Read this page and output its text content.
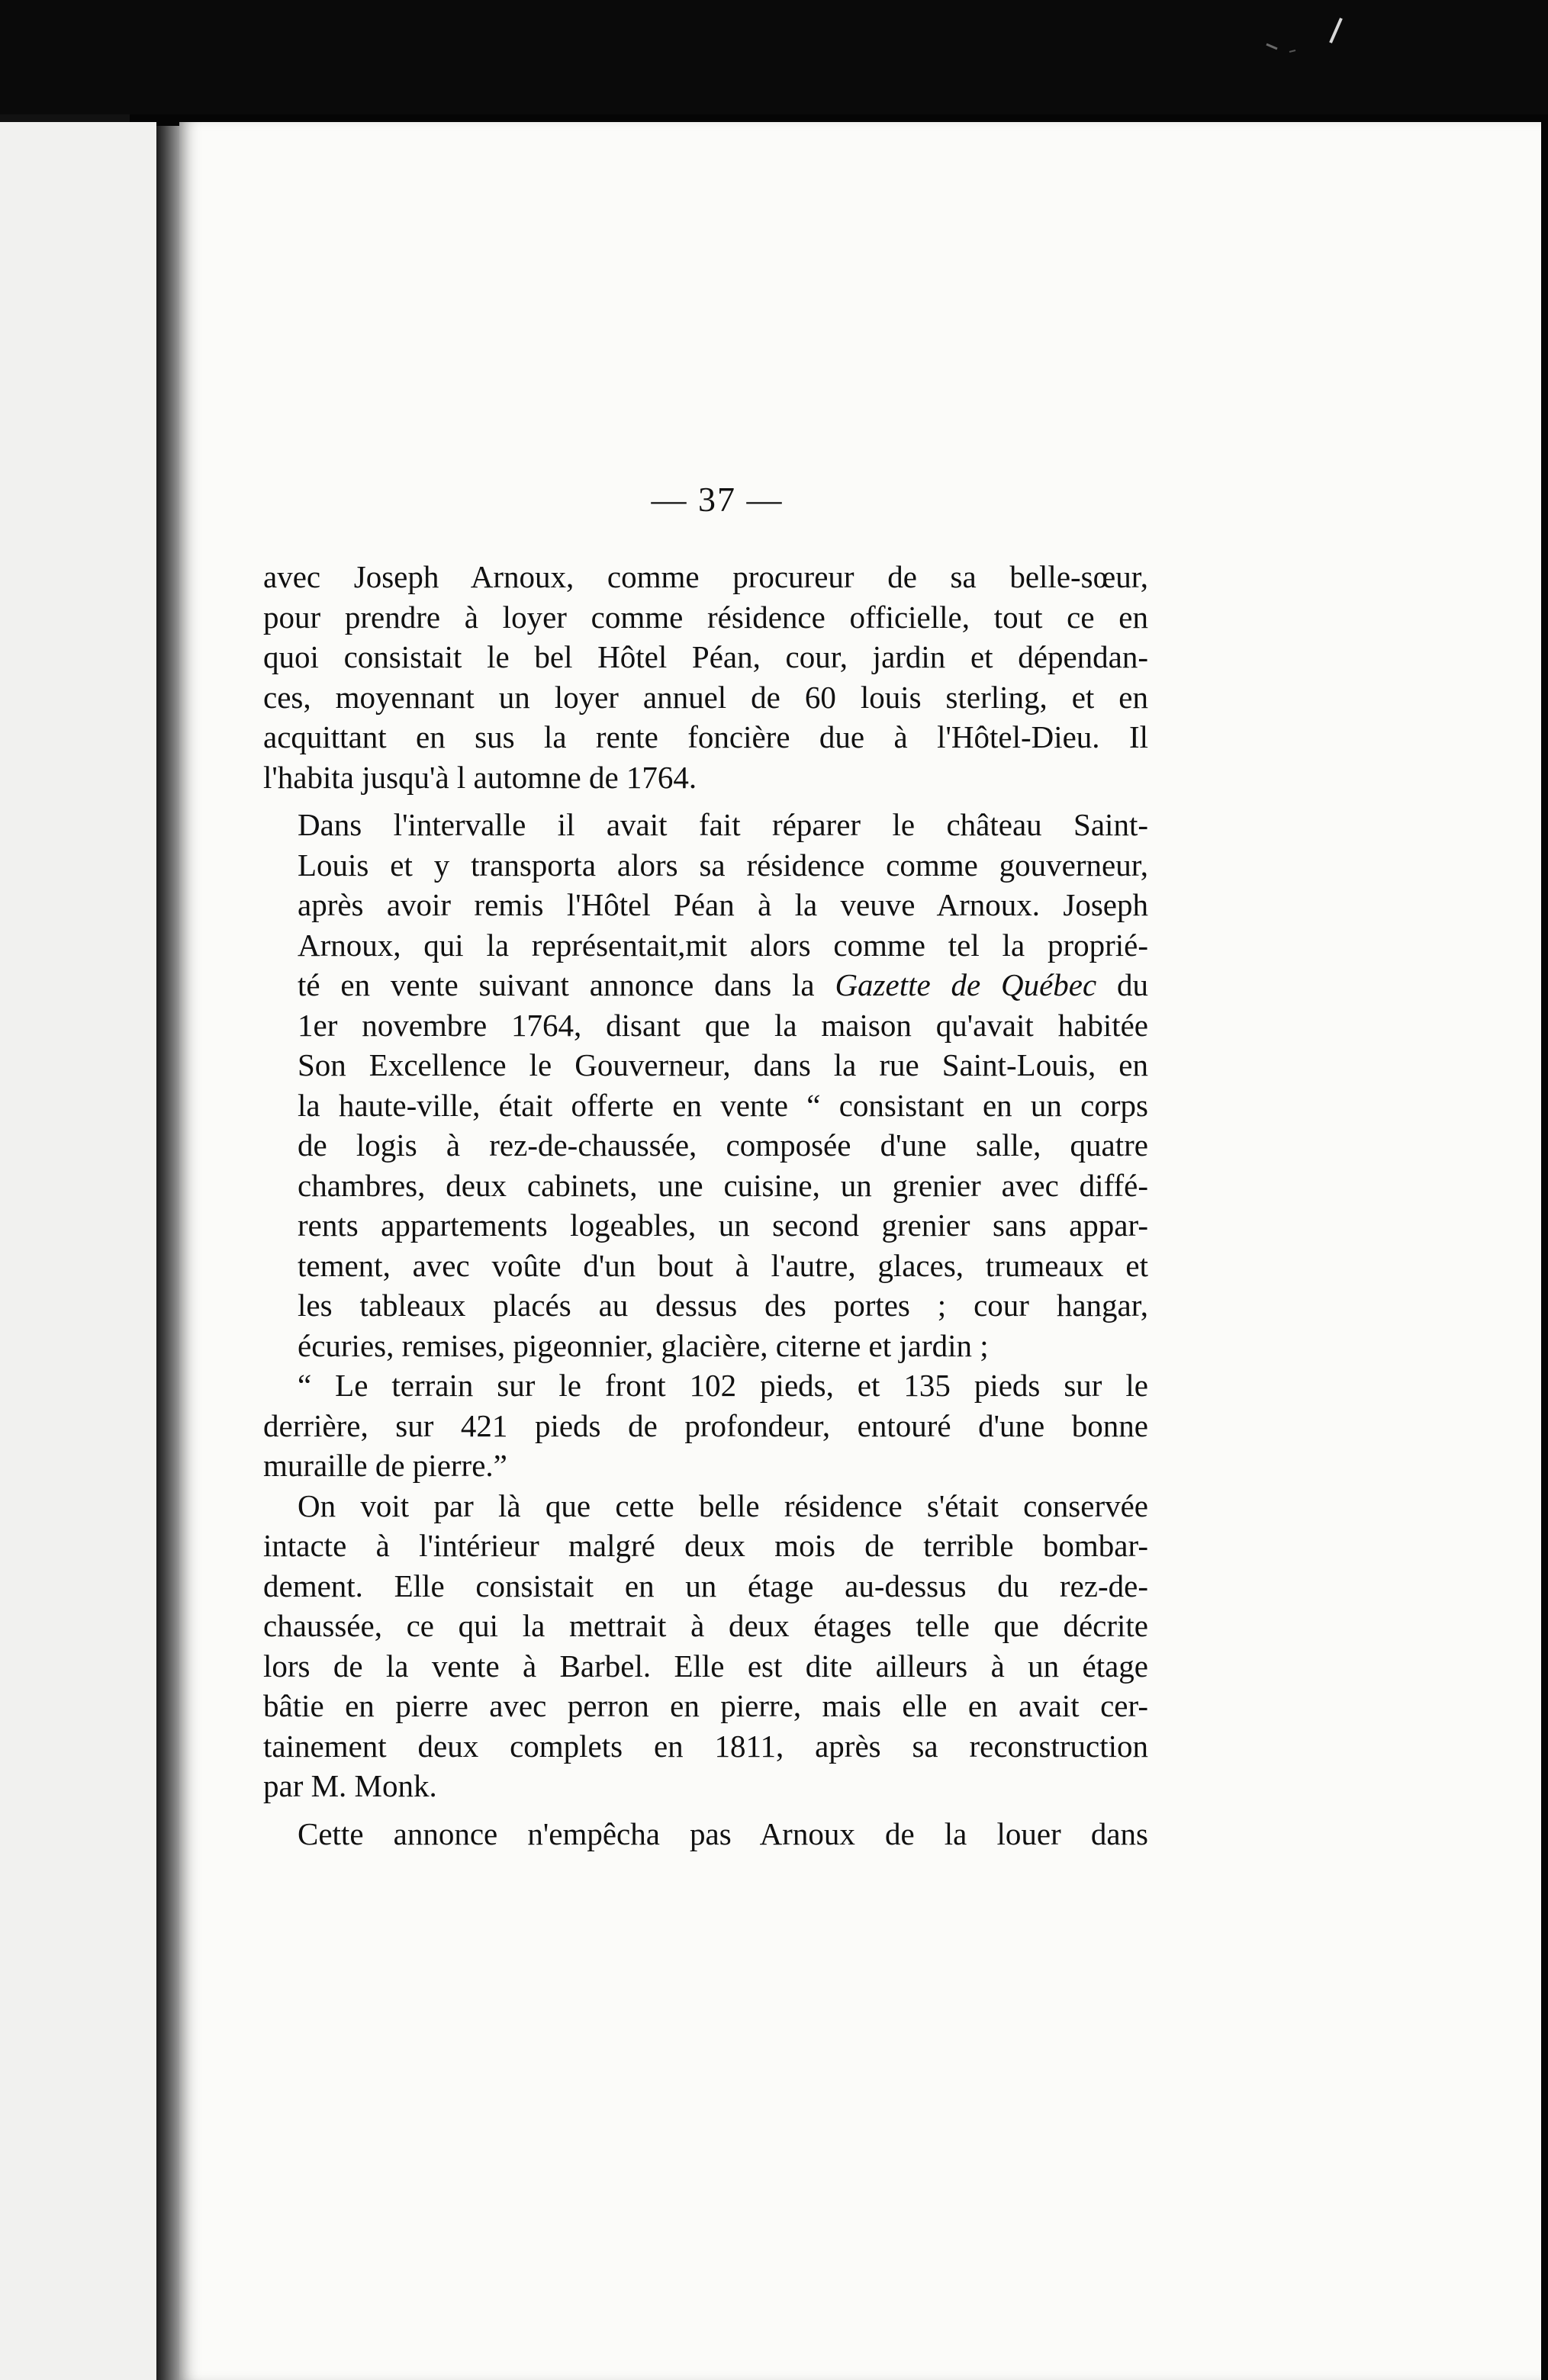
— 37 —

avec Joseph Arnoux, comme procureur de sa belle-sœur,
pour prendre à loyer comme résidence officielle, tout ce en
quoi consistait le bel Hôtel Péan, cour, jardin et dépendan-
ces, moyennant un loyer annuel de 60 louis sterling, et en
acquittant en sus la rente foncière due à l'Hôtel-Dieu. Il
l'habita jusqu'à l automne de 1764.

Dans l'intervalle il avait fait réparer le château Saint-
Louis et y transporta alors sa résidence comme gouverneur,
après avoir remis l'Hôtel Péan à la veuve Arnoux. Joseph
Arnoux, qui la représentait,mit alors comme tel la proprié-
té en vente suivant annonce dans la Gazette de Québec du
1er novembre 1764, disant que la maison qu'avait habitée
Son Excellence le Gouverneur, dans la rue Saint-Louis, en
la haute-ville, était offerte en vente “ consistant en un corps
de logis à rez-de-chaussée, composée d'une salle, quatre
chambres, deux cabinets, une cuisine, un grenier avec diffé-
rents appartements logeables, un second grenier sans appar-
tement, avec voûte d'un bout à l'autre, glaces, trumeaux et
les tableaux placés au dessus des portes ; cour hangar,
écuries, remises, pigeonnier, glacière, citerne et jardin ;

“ Le terrain sur le front 102 pieds, et 135 pieds sur le
derrière, sur 421 pieds de profondeur, entouré d'une bonne
muraille de pierre.”

On voit par là que cette belle résidence s'était conservée
intacte à l'intérieur malgré deux mois de terrible bombar-
dement. Elle consistait en un étage au-dessus du rez-de-
chaussée, ce qui la mettrait à deux étages telle que décrite
lors de la vente à Barbel. Elle est dite ailleurs à un étage
bâtie en pierre avec perron en pierre, mais elle en avait cer-
tainement deux complets en 1811, après sa reconstruction
par M. Monk.

Cette annonce n'empêcha pas Arnoux de la louer dans
